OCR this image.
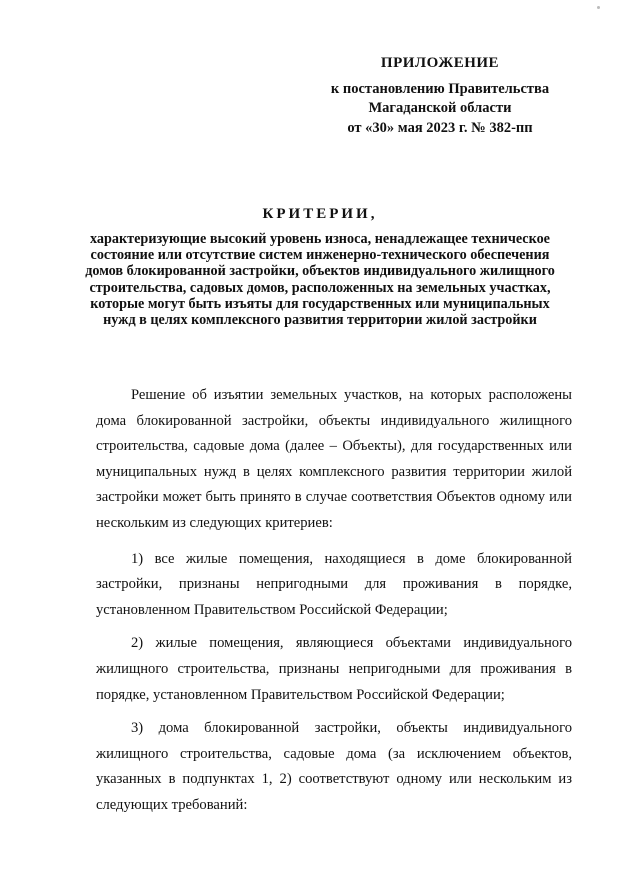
ПРИЛОЖЕНИЕ
к постановлению Правительства
Магаданской области
от «30» мая 2023 г. № 382-пп
КРИТЕРИИ,
характеризующие высокий уровень износа, ненадлежащее техническое состояние или отсутствие систем инженерно-технического обеспечения домов блокированной застройки, объектов индивидуального жилищного строительства, садовых домов, расположенных на земельных участках, которые могут быть изъяты для государственных или муниципальных нужд в целях комплексного развития территории жилой застройки

Решение об изъятии земельных участков, на которых расположены дома блокированной застройки, объекты индивидуального жилищного строительства, садовые дома (далее – Объекты), для государственных или муниципальных нужд в целях комплексного развития территории жилой застройки может быть принято в случае соответствия Объектов одному или нескольким из следующих критериев:

1) все жилые помещения, находящиеся в доме блокированной застройки, признаны непригодными для проживания в порядке, установленном Правительством Российской Федерации;

2) жилые помещения, являющиеся объектами индивидуального жилищного строительства, признаны непригодными для проживания в порядке, установленном Правительством Российской Федерации;

3) дома блокированной застройки, объекты индивидуального жилищного строительства, садовые дома (за исключением объектов, указанных в подпунктах 1, 2) соответствуют одному или нескольким из следующих требований:
